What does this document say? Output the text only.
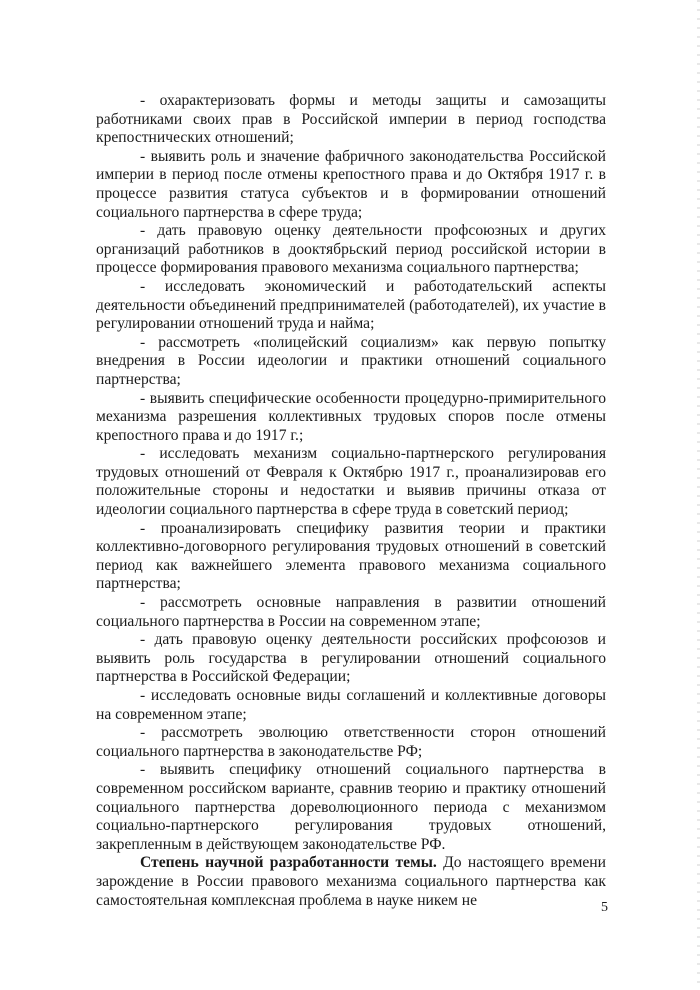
- охарактеризовать формы и методы защиты и самозащиты работниками своих прав в Российской империи в период господства крепостнических отношений;

- выявить роль и значение фабричного законодательства Российской империи в период после отмены крепостного права и до Октября 1917 г. в процессе развития статуса субъектов и в формировании отношений социального партнерства в сфере труда;

- дать правовую оценку деятельности профсоюзных и других организаций работников в дооктябрьский период российской истории в процессе формирования правового механизма социального партнерства;

- исследовать экономический и работодательский аспекты деятельности объединений предпринимателей (работодателей), их участие в регулировании отношений труда и найма;

- рассмотреть «полицейский социализм» как первую попытку внедрения в России идеологии и практики отношений социального партнерства;

- выявить специфические особенности процедурно-примирительного механизма разрешения коллективных трудовых споров после отмены крепостного права и до 1917 г.;

- исследовать механизм социально-партнерского регулирования трудовых отношений от Февраля к Октябрю 1917 г., проанализировав его положительные стороны и недостатки и выявив причины отказа от идеологии социального партнерства в сфере труда в советский период;

- проанализировать специфику развития теории и практики коллективно-договорного регулирования трудовых отношений в советский период как важнейшего элемента правового механизма социального партнерства;

- рассмотреть основные направления в развитии отношений социального партнерства в России на современном этапе;

- дать правовую оценку деятельности российских профсоюзов и выявить роль государства в регулировании отношений социального партнерства в Российской Федерации;

- исследовать основные виды соглашений и коллективные договоры на современном этапе;

- рассмотреть эволюцию ответственности сторон отношений социального партнерства в законодательстве РФ;

- выявить специфику отношений социального партнерства в современном российском варианте, сравнив теорию и практику отношений социального партнерства дореволюционного периода с механизмом социально-партнерского регулирования трудовых отношений, закрепленным в действующем законодательстве РФ.

Степень научной разработанности темы. До настоящего времени зарождение в России правового механизма социального партнерства как самостоятельная комплексная проблема в науке никем не	5
